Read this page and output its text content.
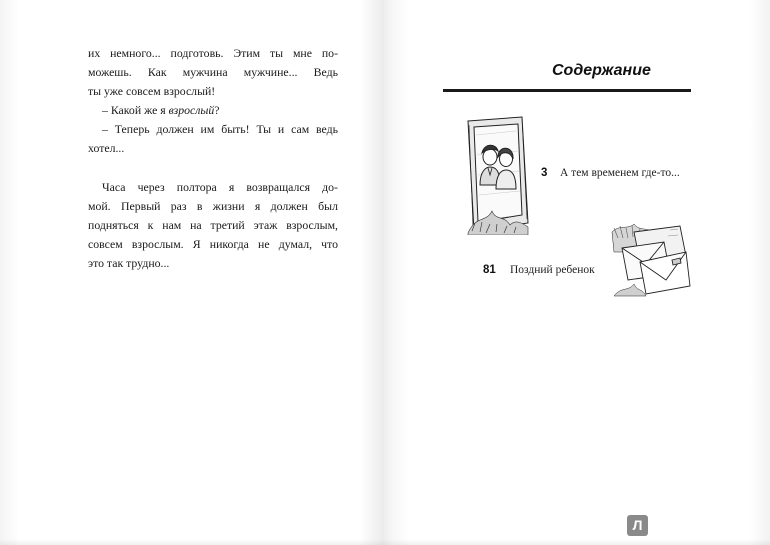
их немного... подготовь. Этим ты мне по-
можешь. Как мужчина мужчине... Ведь
ты уже совсем взрослый!

– Какой же я взрослый?

– Теперь должен им быть! Ты и сам ведь
хотел...

Часа через полтора я возвращался до-
мой. Первый раз в жизни я должен был
подняться к нам на третий этаж взрослым,
совсем взрослым. Я никогда не думал, что
это так трудно...

Содержание
3 А тем временем где-то...
81 Поздний ребенок
Л
